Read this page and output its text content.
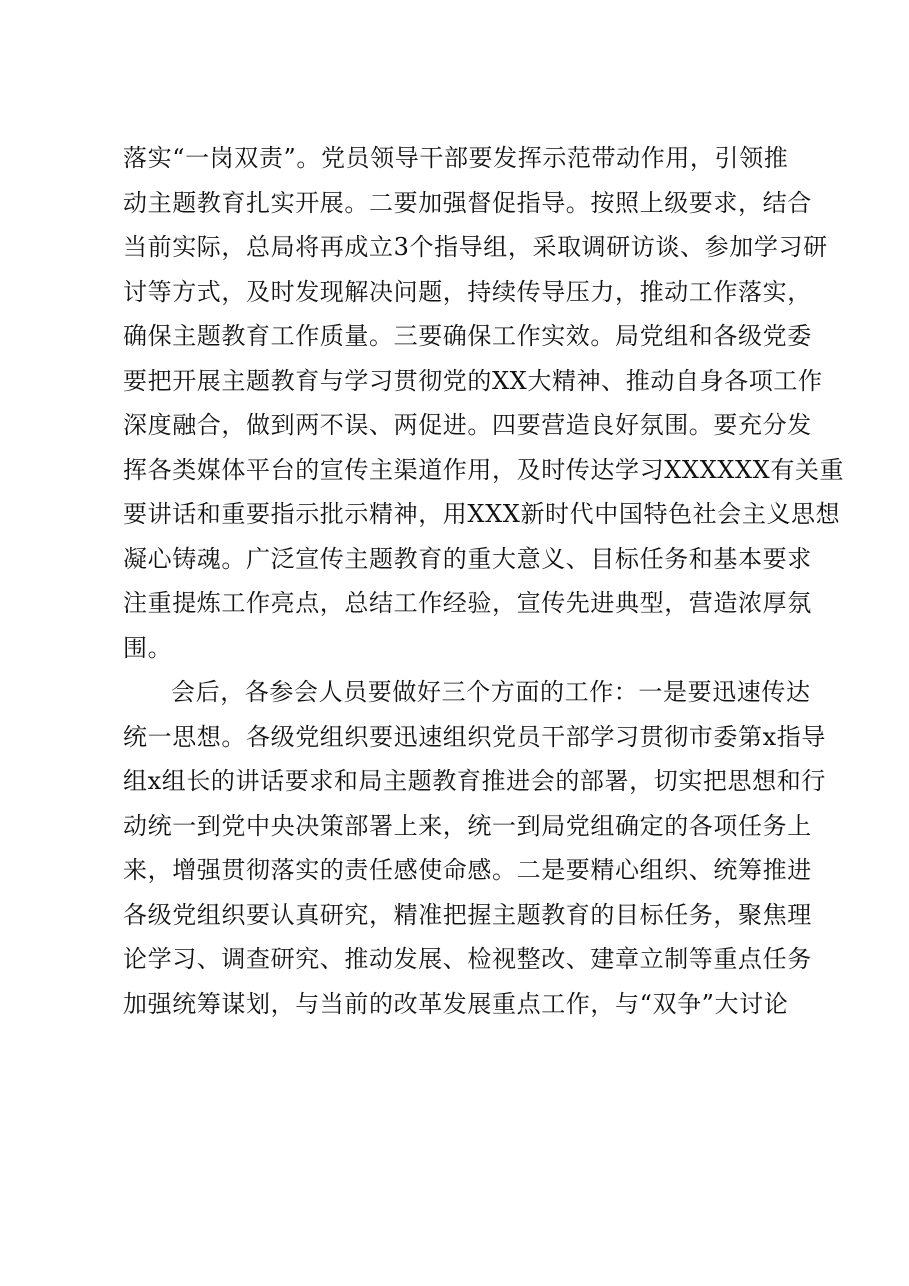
落实“一岗双责”。党员领导干部要发挥示范带动作用，引领推
动主题教育扎实开展。二要加强督促指导。按照上级要求，结合
当前实际，总局将再成立3个指导组，采取调研访谈、参加学习研
讨等方式，及时发现解决问题，持续传导压力，推动工作落实，
确保主题教育工作质量。三要确保工作实效。局党组和各级党委
要把开展主题教育与学习贯彻党的XX大精神、推动自身各项工作
深度融合，做到两不误、两促进。四要营造良好氛围。要充分发
挥各类媒体平台的宣传主渠道作用，及时传达学习XXXXXX有关重
要讲话和重要指示批示精神，用XXX新时代中国特色社会主义思想
凝心铸魂。广泛宣传主题教育的重大意义、目标任务和基本要求
注重提炼工作亮点，总结工作经验，宣传先进典型，营造浓厚氛
围。
会后，各参会人员要做好三个方面的工作：一是要迅速传达
统一思想。各级党组织要迅速组织党员干部学习贯彻市委第x指导
组x组长的讲话要求和局主题教育推进会的部署，切实把思想和行
动统一到党中央决策部署上来，统一到局党组确定的各项任务上
来，增强贯彻落实的责任感使命感。二是要精心组织、统筹推进
各级党组织要认真研究，精准把握主题教育的目标任务，聚焦理
论学习、调查研究、推动发展、检视整改、建章立制等重点任务
加强统筹谋划，与当前的改革发展重点工作，与“双争”大讨论
